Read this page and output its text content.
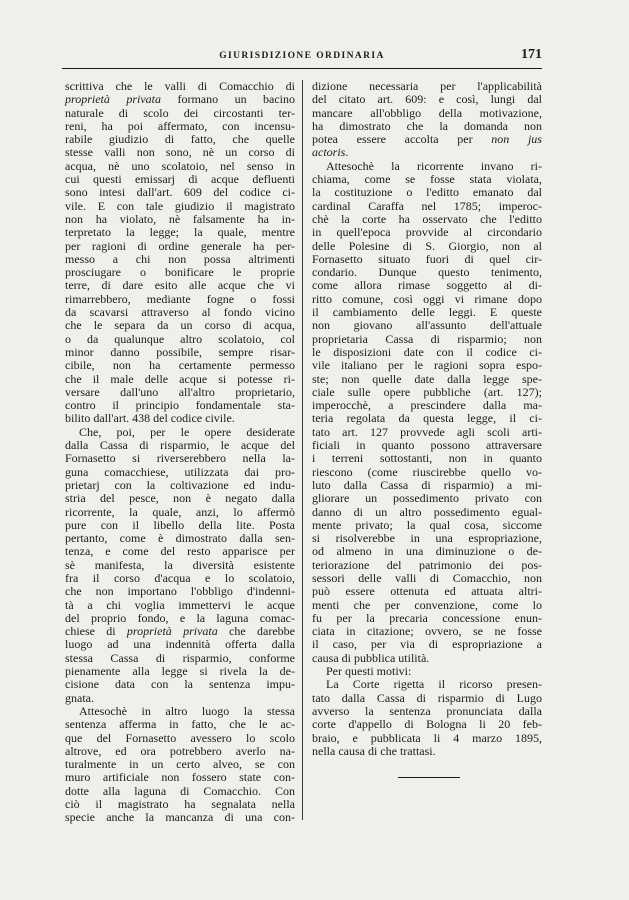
GIURISDIZIONE ORDINARIA	171
scrittiva che le valli di Comacchio di
proprietà privata formano un bacino
naturale di scolo dei circostanti ter-
reni, ha poi affermato, con incensu-
rabile giudizio di fatto, che quelle
stesse valli non sono, nè un corso di
acqua, nè uno scolatoio, nel senso in
cui questi emissarj di acque defluenti
sono intesi dall'art. 609 del codice ci-
vile. E con tale giudizio il magistrato
non ha violato, nè falsamente ha in-
terpretato la legge; la quale, mentre
per ragioni di ordine generale ha per-
messo a chi non possa altrimenti
prosciugare o bonificare le proprie
terre, di dare esito alle acque che vi
rimarrebbero, mediante fogne o fossi
da scavarsi attraverso al fondo vicino
che le separa da un corso di acqua,
o da qualunque altro scolatoio, col
minor danno possibile, sempre risar-
cibile, non ha certamente permesso
che il male delle acque si potesse ri-
versare dall'uno all'altro proprietario,
contro il principio fondamentale sta-
bilito dall'art. 438 del codice civile.
Che, poi, per le opere desiderate
dalla Cassa di risparmio, le acque del
Fornasetto si riverserebbero nella la-
guna comacchiese, utilizzata dai pro-
prietarj con la coltivazione ed indu-
stria del pesce, non è negato dalla
ricorrente, la quale, anzi, lo affermò
pure con il libello della lite. Posta
pertanto, come è dimostrato dalla sen-
tenza, e come del resto apparisce per
sè manifesta, la diversità esistente
fra il corso d'acqua e lo scolatoio,
che non importano l'obbligo d'indenni-
tà a chi voglia immettervi le acque
del proprio fondo, e la laguna comac-
chiese di proprietà privata che darebbe
luogo ad una indennità offerta dalla
stessa Cassa di risparmio, conforme
pienamente alla legge si rivela la de-
cisione data con la sentenza impu-
gnata.
Attesochè in altro luogo la stessa
sentenza afferma in fatto, che le ac-
que del Fornasetto avessero lo scolo
altrove, ed ora potrebbero averlo na-
turalmente in un certo alveo, se con
muro artificiale non fossero state con-
dotte alla laguna di Comacchio. Con
ciò il magistrato ha segnalata nella
specie anche la mancanza di una con-
dizione necessaria per l'applicabilità
del citato art. 609: e così, lungi dal
mancare all'obbligo della motivazione,
ha dimostrato che la domanda non
potea essere accolta per non jus
actoris.
Attesochè la ricorrente invano ri-
chiama, come se fosse stata violata,
la costituzione o l'editto emanato dal
cardinal Caraffa nel 1785; imperoc-
chè la corte ha osservato che l'editto
in quell'epoca provvide al circondario
delle Polesine di S. Giorgio, non al
Fornasetto situato fuori di quel cir-
condario. Dunque questo tenimento,
come allora rimase soggetto al di-
ritto comune, così oggi vi rimane dopo
il cambiamento delle leggi. E queste
non giovano all'assunto dell'attuale
proprietaria Cassa di risparmio; non
le disposizioni date con il codice ci-
vile italiano per le ragioni sopra espo-
ste; non quelle date dalla legge spe-
ciale sulle opere pubbliche (art. 127);
imperocchè, a prescindere dalla ma-
teria regolata da questa legge, il ci-
tato art. 127 provvede agli scoli arti-
ficiali in quanto possono attraversare
i terreni sottostanti, non in quanto
riescono (come riuscirebbe quello vo-
luto dalla Cassa di risparmio) a mi-
gliorare un possedimento privato con
danno di un altro possedimento egual-
mente privato; la qual cosa, siccome
si risolverebbe in una espropriazione,
od almeno in una diminuzione o de-
teriorazione del patrimonio dei pos-
sessori delle valli di Comacchio, non
può essere ottenuta ed attuata altri-
menti che per convenzione, come lo
fu per la precaria concessione enun-
ciata in citazione; ovvero, se ne fosse
il caso, per via di espropriazione a
causa di pubblica utilità.
Per questi motivi:
La Corte rigetta il ricorso presen-
tato dalla Cassa di risparmio di Lugo
avverso la sentenza pronunciata dalla
corte d'appello di Bologna li 20 feb-
braio, e pubblicata li 4 marzo 1895,
nella causa di che trattasi.
